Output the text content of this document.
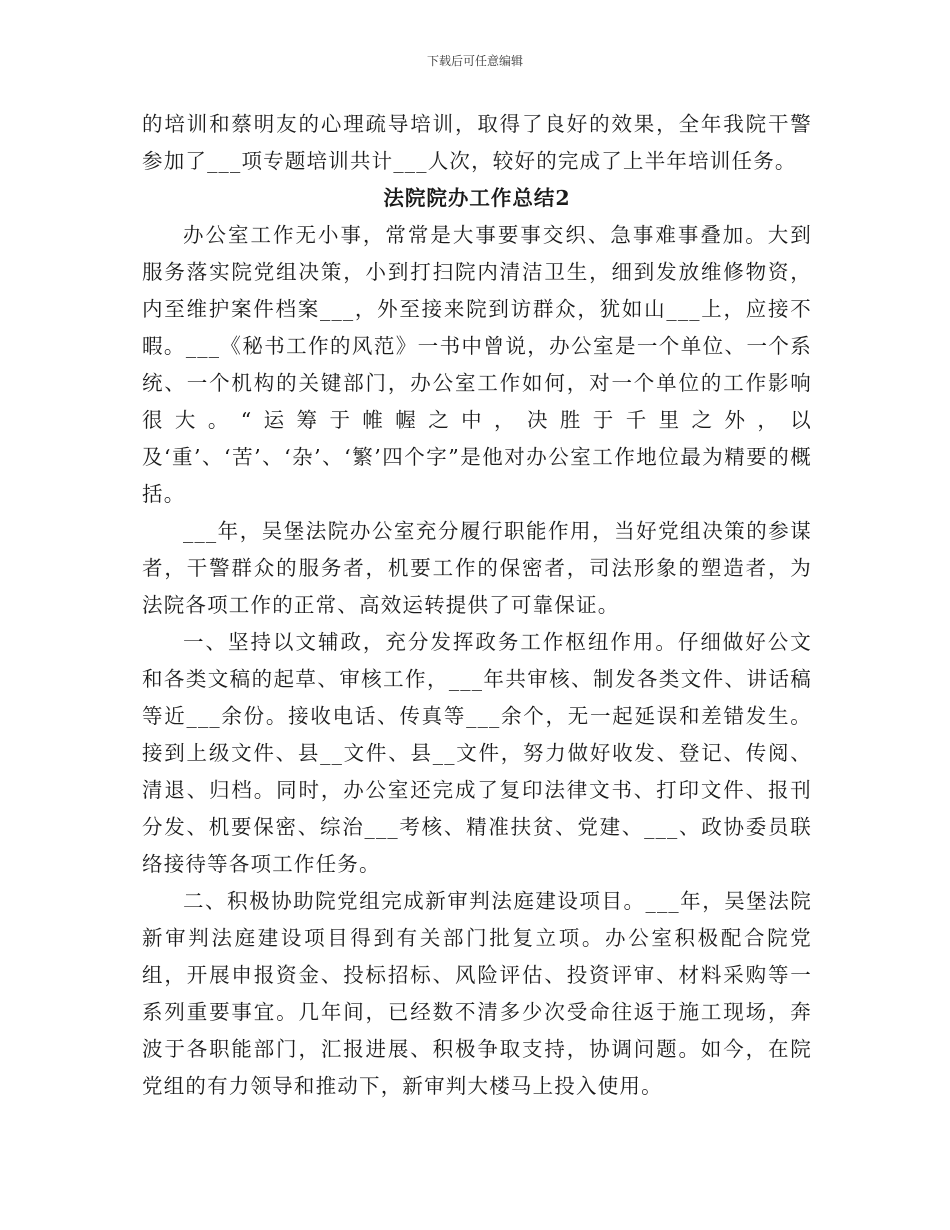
下载后可任意编辑

的培训和蔡明友的心理疏导培训，取得了良好的效果，全年我院干警参加了___项专题培训共计___人次，较好的完成了上半年培训任务。

法院院办工作总结2

办公室工作无小事，常常是大事要事交织、急事难事叠加。大到服务落实院党组决策，小到打扫院内清洁卫生，细到发放维修物资，内至维护案件档案___，外至接来院到访群众，犹如山___上，应接不暇。___《秘书工作的风范》一书中曾说，办公室是一个单位、一个系统、一个机构的关键部门，办公室工作如何，对一个单位的工作影响很大。“运筹于帷幄之中，决胜于千里之外，以及‘重’、‘苦’、‘杂’、‘繁’四个字”是他对办公室工作地位最为精要的概括。

___年，吴堡法院办公室充分履行职能作用，当好党组决策的参谋者，干警群众的服务者，机要工作的保密者，司法形象的塑造者，为法院各项工作的正常、高效运转提供了可靠保证。

一、坚持以文辅政，充分发挥政务工作枢纽作用。仔细做好公文和各类文稿的起草、审核工作，___年共审核、制发各类文件、讲话稿等近___余份。接收电话、传真等___余个，无一起延误和差错发生。接到上级文件、县__文件、县__文件，努力做好收发、登记、传阅、清退、归档。同时，办公室还完成了复印法律文书、打印文件、报刊分发、机要保密、综治___考核、精准扶贫、党建、___、政协委员联络接待等各项工作任务。

二、积极协助院党组完成新审判法庭建设项目。___年，吴堡法院新审判法庭建设项目得到有关部门批复立项。办公室积极配合院党组，开展申报资金、投标招标、风险评估、投资评审、材料采购等一系列重要事宜。几年间，已经数不清多少次受命往返于施工现场，奔波于各职能部门，汇报进展、积极争取支持，协调问题。如今，在院党组的有力领导和推动下，新审判大楼马上投入使用。
